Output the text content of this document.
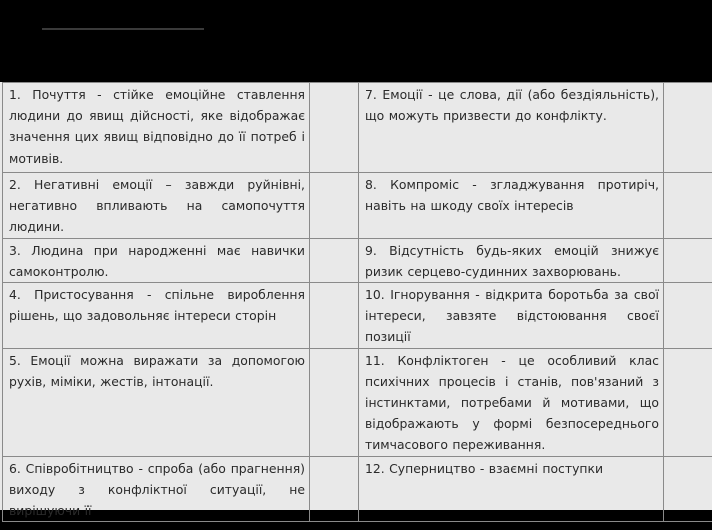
1. Почуття - стійке емоційне ставлення людини до явищ дійсності, яке відображає значення цих явищ відповідно до її потреб і мотивів.		7. Емоції - це слова, дії (або бездіяльність), що можуть призвести до конфлікту.	
2. Негативні емоції – завжди руйнівні, негативно впливають на самопочуття людини.		8. Компроміс - згладжування протиріч, навіть на шкоду своїх інтересів	
3. Людина при народженні має навички самоконтролю.		9. Відсутність будь-яких емоцій знижує ризик серцево-судинних захворювань.	
4. Пристосування - спільне вироблення рішень, що задовольняє інтереси сторін		10. Ігнорування - відкрита боротьба за свої інтереси, завзяте відстоювання своєї позиції	
5. Емоції можна виражати за допомогою рухів, міміки, жестів, інтонації.		11. Конфліктоген - це особливий клас психічних процесів і станів, пов'язаний з інстинктами, потребами й мотивами, що відображають у формі безпосереднього тимчасового переживання.	
6. Співробітництво - спроба (або прагнення) виходу з конфліктної ситуації, не вирішуючи її		12. Суперництво - взаємні поступки	
